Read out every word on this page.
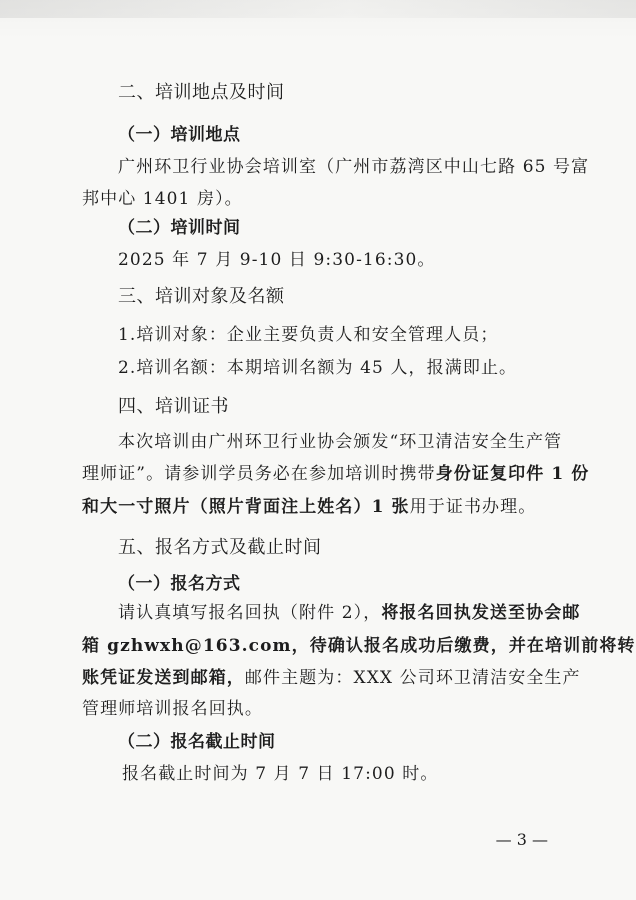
二、培训地点及时间
（一）培训地点
广州环卫行业协会培训室（广州市荔湾区中山七路 65 号富
邦中心 1401 房）。
（二）培训时间
2025 年 7 月 9-10 日 9:30-16:30。
三、培训对象及名额
1.培训对象：企业主要负责人和安全管理人员；
2.培训名额：本期培训名额为 45 人，报满即止。
四、培训证书
本次培训由广州环卫行业协会颁发“环卫清洁安全生产管
理师证”。请参训学员务必在参加培训时携带身份证复印件 1 份
和大一寸照片（照片背面注上姓名）1 张用于证书办理。
五、报名方式及截止时间
（一）报名方式
请认真填写报名回执（附件 2），将报名回执发送至协会邮
箱 gzhwxh@163.com，待确认报名成功后缴费，并在培训前将转
账凭证发送到邮箱，邮件主题为：XXX 公司环卫清洁安全生产
管理师培训报名回执。
（二）报名截止时间
报名截止时间为 7 月 7 日 17:00 时。
— 3 —
